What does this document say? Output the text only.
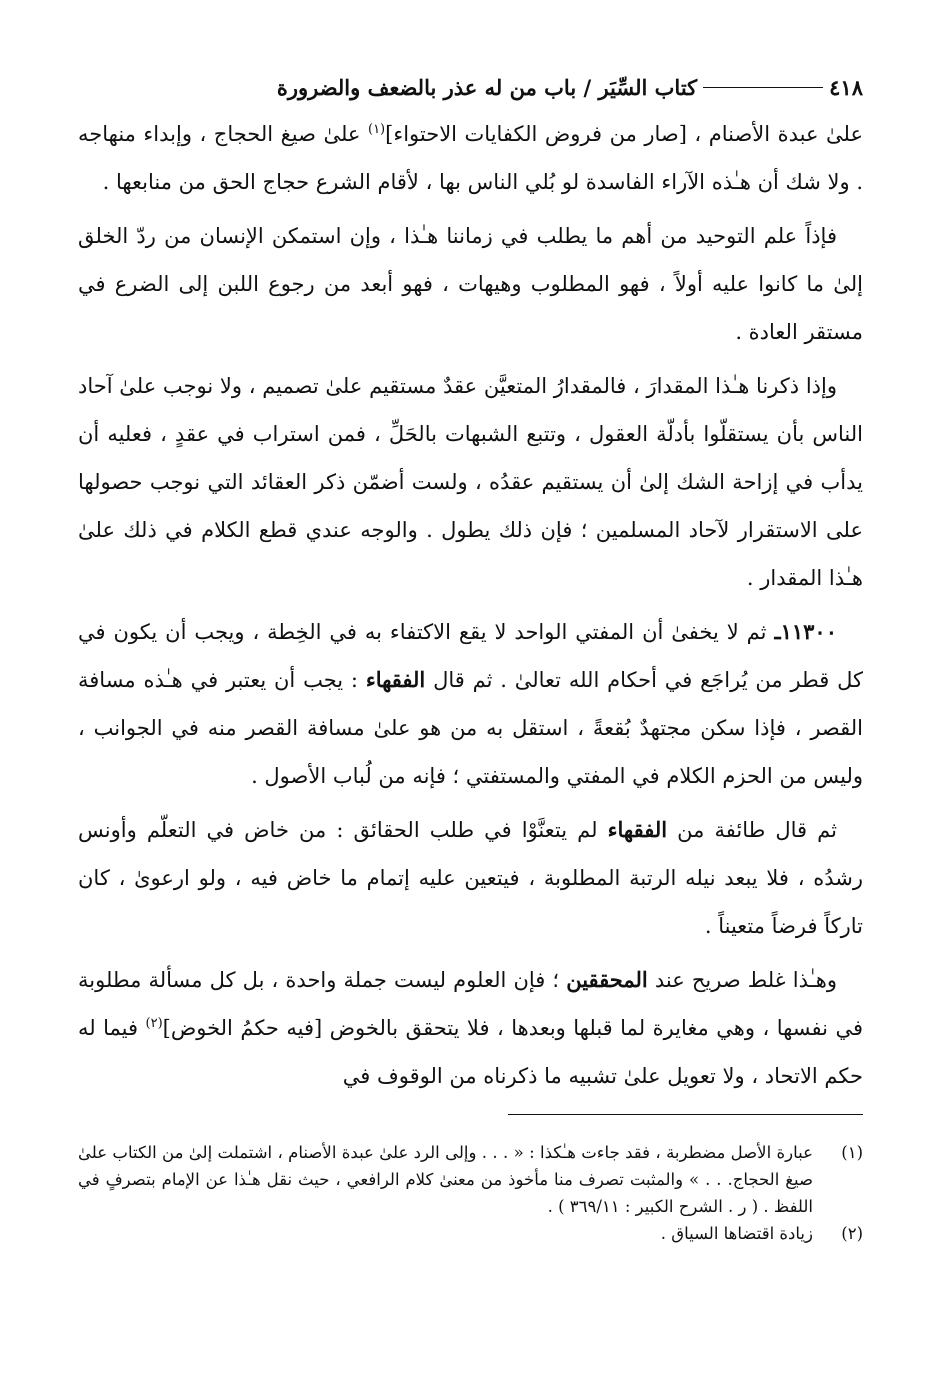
٤١٨
كتاب السِّيَر / باب من له عذر بالضعف والضرورة

علىٰ عبدة الأصنام ، [صار من فروض الكفايات الاحتواء]$^{(١)}$ علىٰ صيغ الحجاج ، وإبداء منهاجه . ولا شك أن هـٰذه الآراء الفاسدة لو بُلي الناس بها ، لأقام الشرع حجاج الحق من منابعها .

فإذاً علم التوحيد من أهم ما يطلب في زماننا هـٰذا ، وإن استمكن الإنسان من ردّ الخلق إلىٰ ما كانوا عليه أولاً ، فهو المطلوب وهيهات ، فهو أبعد من رجوع اللبن إلى الضرع في مستقر العادة .

وإذا ذكرنا هـٰذا المقدارَ ، فالمقدارُ المتعيَّن عقدٌ مستقيم علىٰ تصميم ، ولا نوجب علىٰ آحاد الناس بأن يستقلّوا بأدلّة العقول ، وتتبع الشبهات بالحَلِّ ، فمن استراب في عقدٍ ، فعليه أن يدأب في إزاحة الشك إلىٰ أن يستقيم عقدُه ، ولست أضمّن ذكر العقائد التي نوجب حصولها على الاستقرار لآحاد المسلمين ؛ فإن ذلك يطول . والوجه عندي قطع الكلام في ذلك علىٰ هـٰذا المقدار .

١١٣٠٠ـ ثم لا يخفىٰ أن المفتي الواحد لا يقع الاكتفاء به في الخِطة ، ويجب أن يكون في كل قطر من يُراجَع في أحكام الله تعالىٰ . ثم قال الفقهاء : يجب أن يعتبر في هـٰذه مسافة القصر ، فإذا سكن مجتهدٌ بُقعةً ، استقل به من هو علىٰ مسافة القصر منه في الجوانب ، وليس من الحزم الكلام في المفتي والمستفتي ؛ فإنه من لُباب الأصول .

ثم قال طائفة من الفقهاء لم يتعنَّوْا في طلب الحقائق : من خاض في التعلّم وأونس رشدُه ، فلا يبعد نيله الرتبة المطلوبة ، فيتعين عليه إتمام ما خاض فيه ، ولو ارعوىٰ ، كان تاركاً فرضاً متعيناً .

وهـٰذا غلط صريح عند المحققين ؛ فإن العلوم ليست جملة واحدة ، بل كل مسألة مطلوبة في نفسها ، وهي مغايرة لما قبلها وبعدها ، فلا يتحقق بالخوض [فيه حكمُ الخوض]$^{(٢)}$ فيما له حكم الاتحاد ، ولا تعويل علىٰ تشبيه ما ذكرناه من الوقوف في

(١)
عبارة الأصل مضطربة ، فقد جاءت هـٰكذا : « . . . وإلى الرد علىٰ عبدة الأصنام ، اشتملت إلىٰ من الكتاب علىٰ صيغ الحجاج. . . » والمثبت تصرف منا مأخوذ من معنىٰ كلام الرافعي ، حيث نقل هـٰذا عن الإمام بتصرفٍ في اللفظ . ( ر . الشرح الكبير : ٣٦٩/١١ ) .
(٢)
زيادة اقتضاها السياق .
